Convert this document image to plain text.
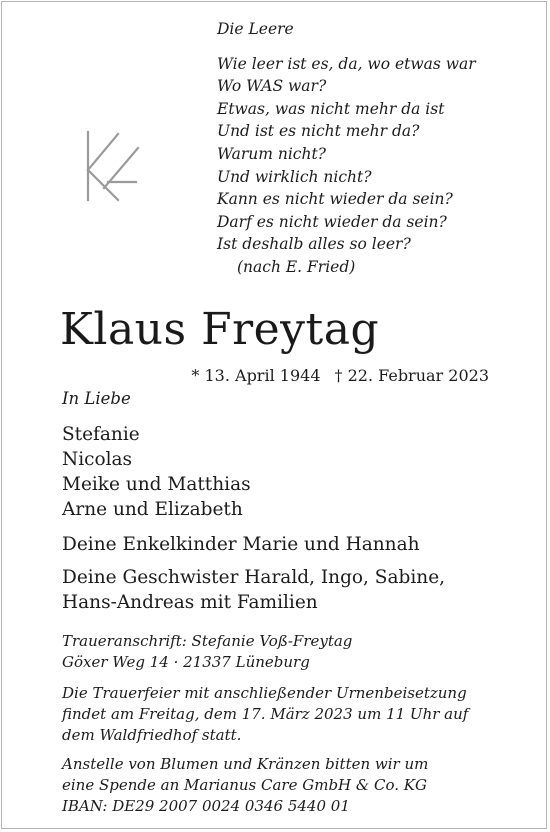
Die Leere
Wie leer ist es, da, wo etwas war
Wo WAS war?
Etwas, was nicht mehr da ist
Und ist es nicht mehr da?
Warum nicht?
Und wirklich nicht?
Kann es nicht wieder da sein?
Darf es nicht wieder da sein?
Ist deshalb alles so leer?
(nach E. Fried)
Klaus Freytag
* 13. April 1944 † 22. Februar 2023
In Liebe
Stefanie
Nicolas
Meike und Matthias
Arne und Elizabeth
Deine Enkelkinder Marie und Hannah
Deine Geschwister Harald, Ingo, Sabine,
Hans-Andreas mit Familien
Traueranschrift: Stefanie Voß-Freytag
Göxer Weg 14 · 21337 Lüneburg
Die Trauerfeier mit anschließender Urnenbeisetzung
findet am Freitag, dem 17. März 2023 um 11 Uhr auf
dem Waldfriedhof statt.
Anstelle von Blumen und Kränzen bitten wir um
eine Spende an Marianus Care GmbH & Co. KG
IBAN: DE29 2007 0024 0346 5440 01
